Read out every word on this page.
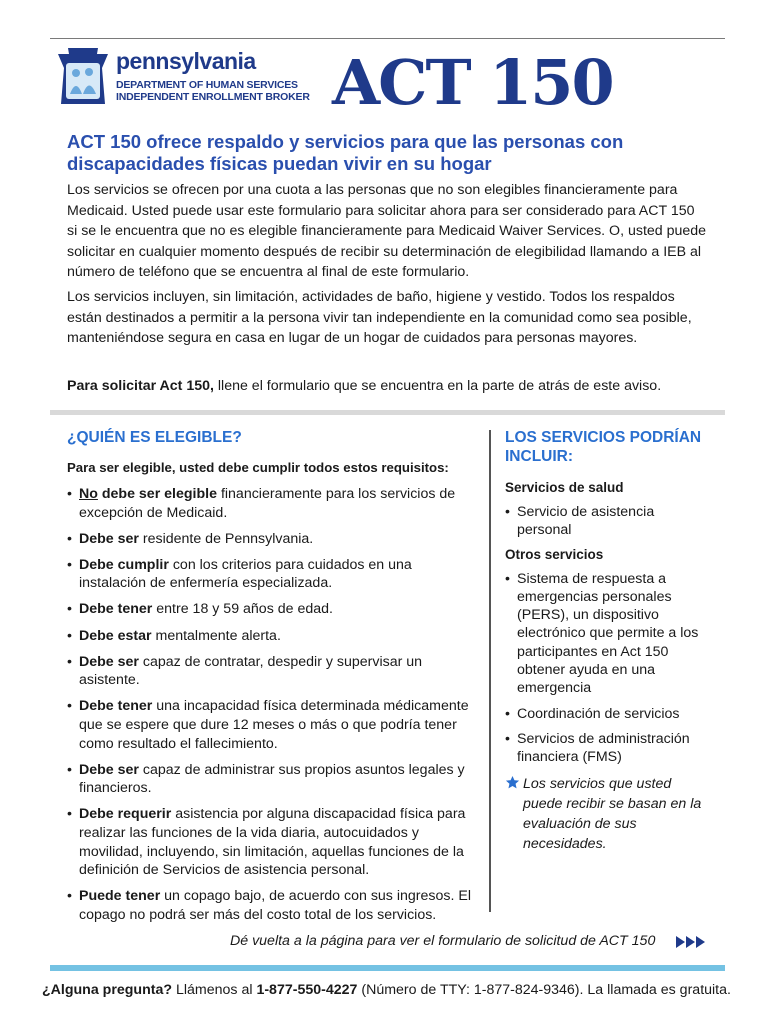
pennsylvania
DEPARTMENT OF HUMAN SERVICES
INDEPENDENT ENROLLMENT BROKER ACT 150
ACT 150 ofrece respaldo y servicios para que las personas con discapacidades físicas puedan vivir en su hogar
Los servicios se ofrecen por una cuota a las personas que no son elegibles financieramente para Medicaid. Usted puede usar este formulario para solicitar ahora para ser considerado para ACT 150 si se le encuentra que no es elegible financieramente para Medicaid Waiver Services. O, usted puede solicitar en cualquier momento después de recibir su determinación de elegibilidad llamando a IEB al número de teléfono que se encuentra al final de este formulario.
Los servicios incluyen, sin limitación, actividades de baño, higiene y vestido. Todos los respaldos están destinados a permitir a la persona vivir tan independiente en la comunidad como sea posible, manteniéndose segura en casa en lugar de un hogar de cuidados para personas mayores.
Para solicitar Act 150, llene el formulario que se encuentra en la parte de atrás de este aviso.
¿QUIÉN ES ELEGIBLE?
Para ser elegible, usted debe cumplir todos estos requisitos:
• No debe ser elegible financieramente para los servicios de excepción de Medicaid.
• Debe ser residente de Pennsylvania.
• Debe cumplir con los criterios para cuidados en una instalación de enfermería especializada.
• Debe tener entre 18 y 59 años de edad.
• Debe estar mentalmente alerta.
• Debe ser capaz de contratar, despedir y supervisar un asistente.
• Debe tener una incapacidad física determinada médicamente que se espere que dure 12 meses o más o que podría tener como resultado el fallecimiento.
• Debe ser capaz de administrar sus propios asuntos legales y financieros.
• Debe requerir asistencia por alguna discapacidad física para realizar las funciones de la vida diaria, autocuidados y movilidad, incluyendo, sin limitación, aquellas funciones de la definición de Servicios de asistencia personal.
• Puede tener un copago bajo, de acuerdo con sus ingresos. El copago no podrá ser más del costo total de los servicios.
LOS SERVICIOS PODRÍAN INCLUIR:
Servicios de salud
• Servicio de asistencia personal
Otros servicios
• Sistema de respuesta a emergencias personales (PERS), un dispositivo electrónico que permite a los participantes en Act 150 obtener ayuda en una emergencia
• Coordinación de servicios
• Servicios de administración financiera (FMS)
Los servicios que usted puede recibir se basan en la evaluación de sus necesidades.
Dé vuelta a la página para ver el formulario de solicitud de ACT 150
¿Alguna pregunta? Llámenos al 1-877-550-4227 (Número de TTY: 1-877-824-9346). La llamada es gratuita.
